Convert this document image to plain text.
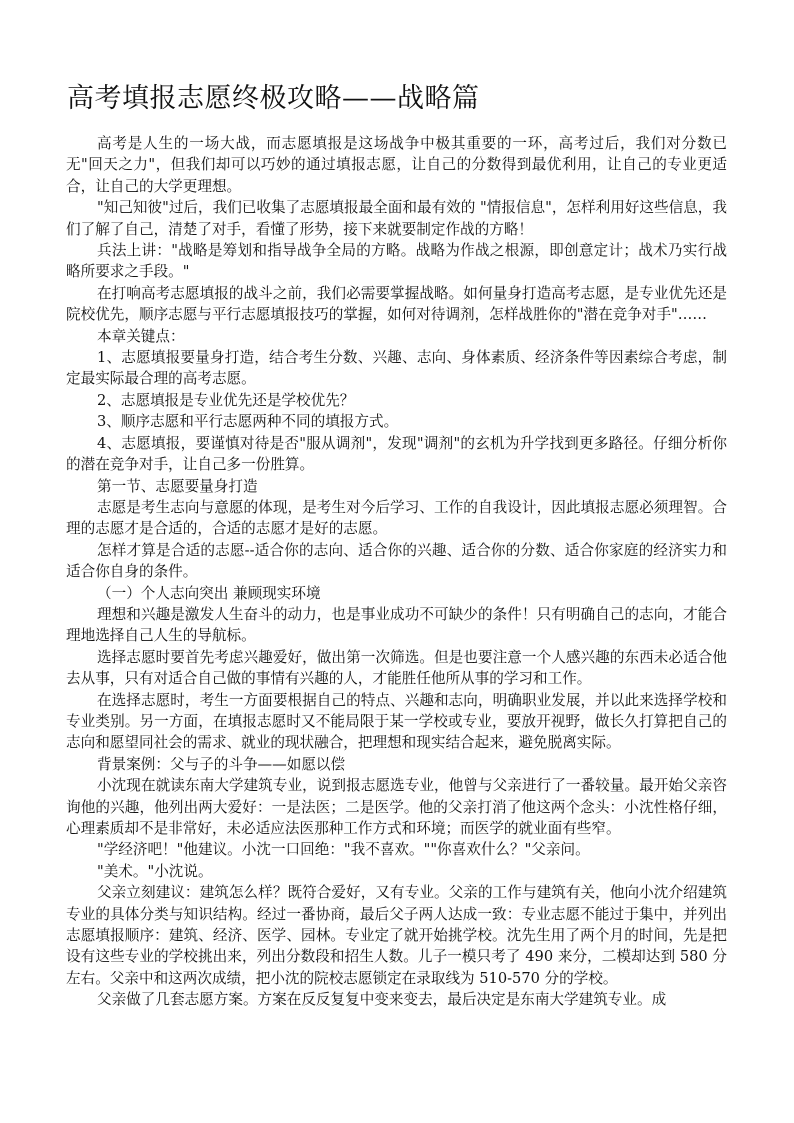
高考填报志愿终极攻略——战略篇

高考是人生的一场大战，而志愿填报是这场战争中极其重要的一环，高考过后，我们对分数已无"回天之力"，但我们却可以巧妙的通过填报志愿，让自己的分数得到最优利用，让自己的专业更适合，让自己的大学更理想。

"知己知彼"过后，我们已收集了志愿填报最全面和最有效的 "情报信息"，怎样利用好这些信息，我们了解了自己，清楚了对手，看懂了形势，接下来就要制定作战的方略！

兵法上讲："战略是筹划和指导战争全局的方略。战略为作战之根源，即创意定计；战术乃实行战略所要求之手段。"

在打响高考志愿填报的战斗之前，我们必需要掌握战略。如何量身打造高考志愿，是专业优先还是院校优先，顺序志愿与平行志愿填报技巧的掌握，如何对待调剂，怎样战胜你的"潜在竞争对手"……

本章关键点：

1、志愿填报要量身打造，结合考生分数、兴趣、志向、身体素质、经济条件等因素综合考虑，制定最实际最合理的高考志愿。

2、志愿填报是专业优先还是学校优先？

3、顺序志愿和平行志愿两种不同的填报方式。

4、志愿填报，要谨慎对待是否"服从调剂"，发现"调剂"的玄机为升学找到更多路径。仔细分析你的潜在竞争对手，让自己多一份胜算。

第一节、志愿要量身打造

志愿是考生志向与意愿的体现，是考生对今后学习、工作的自我设计，因此填报志愿必须理智。合理的志愿才是合适的，合适的志愿才是好的志愿。

怎样才算是合适的志愿--适合你的志向、适合你的兴趣、适合你的分数、适合你家庭的经济实力和适合你自身的条件。

（一）个人志向突出 兼顾现实环境

理想和兴趣是激发人生奋斗的动力，也是事业成功不可缺少的条件！只有明确自己的志向，才能合理地选择自己人生的导航标。

选择志愿时要首先考虑兴趣爱好，做出第一次筛选。但是也要注意一个人感兴趣的东西未必适合他去从事，只有对适合自己做的事情有兴趣的人，才能胜任他所从事的学习和工作。

在选择志愿时，考生一方面要根据自己的特点、兴趣和志向，明确职业发展，并以此来选择学校和专业类别。另一方面，在填报志愿时又不能局限于某一学校或专业，要放开视野，做长久打算把自己的志向和愿望同社会的需求、就业的现状融合，把理想和现实结合起来，避免脱离实际。

背景案例：父与子的斗争——如愿以偿

小沈现在就读东南大学建筑专业，说到报志愿选专业，他曾与父亲进行了一番较量。最开始父亲咨询他的兴趣，他列出两大爱好：一是法医；二是医学。他的父亲打消了他这两个念头：小沈性格仔细，心理素质却不是非常好，未必适应法医那种工作方式和环境；而医学的就业面有些窄。

"学经济吧！"他建议。小沈一口回绝："我不喜欢。""你喜欢什么？"父亲问。

"美术。"小沈说。

父亲立刻建议：建筑怎么样？既符合爱好，又有专业。父亲的工作与建筑有关，他向小沈介绍建筑专业的具体分类与知识结构。经过一番协商，最后父子两人达成一致：专业志愿不能过于集中，并列出志愿填报顺序：建筑、经济、医学、园林。专业定了就开始挑学校。沈先生用了两个月的时间，先是把设有这些专业的学校挑出来，列出分数段和招生人数。儿子一模只考了 490 来分，二模却达到 580 分左右。父亲中和这两次成绩，把小沈的院校志愿锁定在录取线为 510-570 分的学校。

父亲做了几套志愿方案。方案在反反复复中变来变去，最后决定是东南大学建筑专业。成
